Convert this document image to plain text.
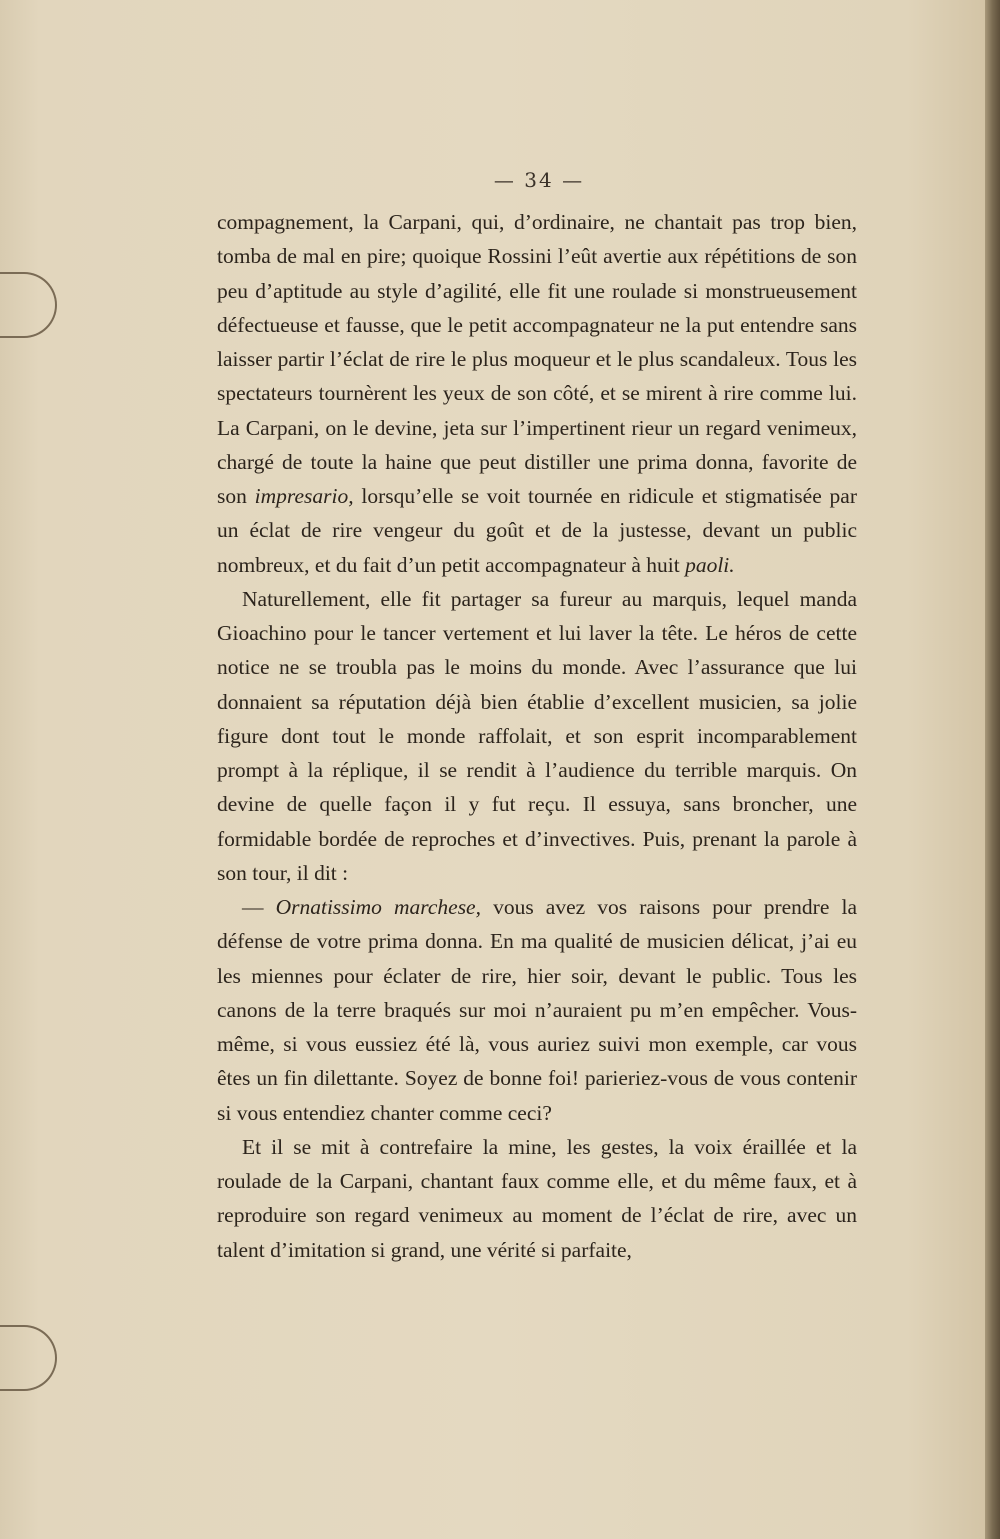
— 34 —

compagnement, la Carpani, qui, d’ordinaire, ne chantait pas trop bien, tomba de mal en pire; quoique Rossini l’eût avertie aux répétitions de son peu d’aptitude au style d’agilité, elle fit une roulade si monstrueusement défectueuse et fausse, que le petit accompagnateur ne la put entendre sans laisser partir l’éclat de rire le plus moqueur et le plus scandaleux. Tous les spectateurs tournèrent les yeux de son côté, et se mirent à rire comme lui. La Carpani, on le devine, jeta sur l’impertinent rieur un regard venimeux, chargé de toute la haine que peut distiller une prima donna, favorite de son impresario, lorsqu’elle se voit tournée en ridicule et stigmatisée par un éclat de rire vengeur du goût et de la justesse, devant un public nombreux, et du fait d’un petit accompagnateur à huit paoli.

Naturellement, elle fit partager sa fureur au marquis, lequel manda Gioachino pour le tancer vertement et lui laver la tête. Le héros de cette notice ne se troubla pas le moins du monde. Avec l’assurance que lui donnaient sa réputation déjà bien établie d’excellent musicien, sa jolie figure dont tout le monde raffolait, et son esprit incomparablement prompt à la réplique, il se rendit à l’audience du terrible marquis. On devine de quelle façon il y fut reçu. Il essuya, sans broncher, une formidable bordée de reproches et d’invectives. Puis, prenant la parole à son tour, il dit :

— Ornatissimo marchese, vous avez vos raisons pour prendre la défense de votre prima donna. En ma qualité de musicien délicat, j’ai eu les miennes pour éclater de rire, hier soir, devant le public. Tous les canons de la terre braqués sur moi n’auraient pu m’en empêcher. Vous-même, si vous eussiez été là, vous auriez suivi mon exemple, car vous êtes un fin dilettante. Soyez de bonne foi! parieriez-vous de vous contenir si vous entendiez chanter comme ceci?

Et il se mit à contrefaire la mine, les gestes, la voix éraillée et la roulade de la Carpani, chantant faux comme elle, et du même faux, et à reproduire son regard venimeux au moment de l’éclat de rire, avec un talent d’imitation si grand, une vérité si parfaite,
